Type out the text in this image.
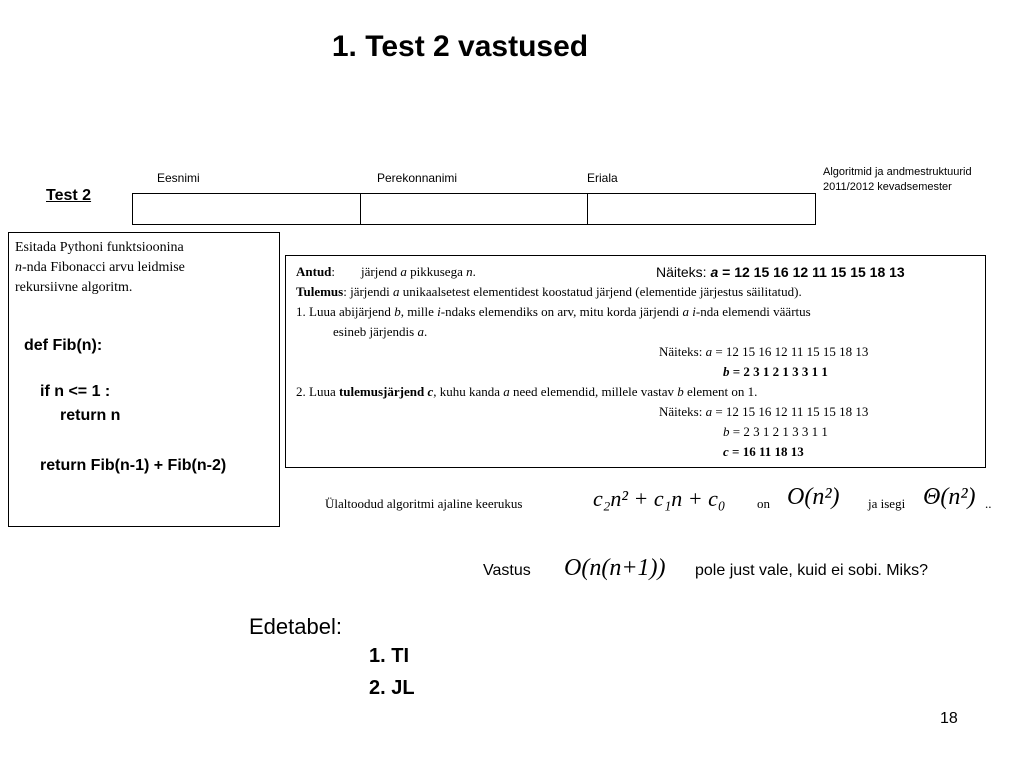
1. Test 2 vastused
Eesnimi	Perekonnanimi	Eriala	Algoritmid ja andmestruktuurid
2011/2012 kevadsemester
Test 2
Esitada Pythoni funktsioonina
n-nda Fibonacci arvu leidmise
rekursiivne algoritm.
def Fib(n):
if n <= 1 :
return n
return Fib(n-1) + Fib(n-2)
Antud: järjend a pikkusega n.	Näiteks: a = 12 15 16 12 11 15 15 18 13
Tulemus: järjendi a unikaalsetest elementidest koostatud järjend (elementide järjestus säilitatud).
1. Luua abijärjend b, mille i-ndaks elemendiks on arv, mitu korda järjendi a i-nda elemendi väärtus
esineb järjendis a.
Näiteks: a = 12 15 16 12 11 15 15 18 13
b = 2 3 1 2 1 3 3 1 1
2. Luua tulemusjärjend c, kuhu kanda a need elemendid, millele vastav b element on 1.
Näiteks: a = 12 15 16 12 11 15 15 18 13
b = 2 3 1 2 1 3 3 1 1
c = 16 11 18 13
Ülaltoodud algoritmi ajaline keerukus	c₂n² + c₁n + c₀ on O(n²) ja isegi Θ(n²) ..
Vastus O(n(n+1)) pole just vale, kuid ei sobi. Miks?
Edetabel:
1. TI
2. JL
18
